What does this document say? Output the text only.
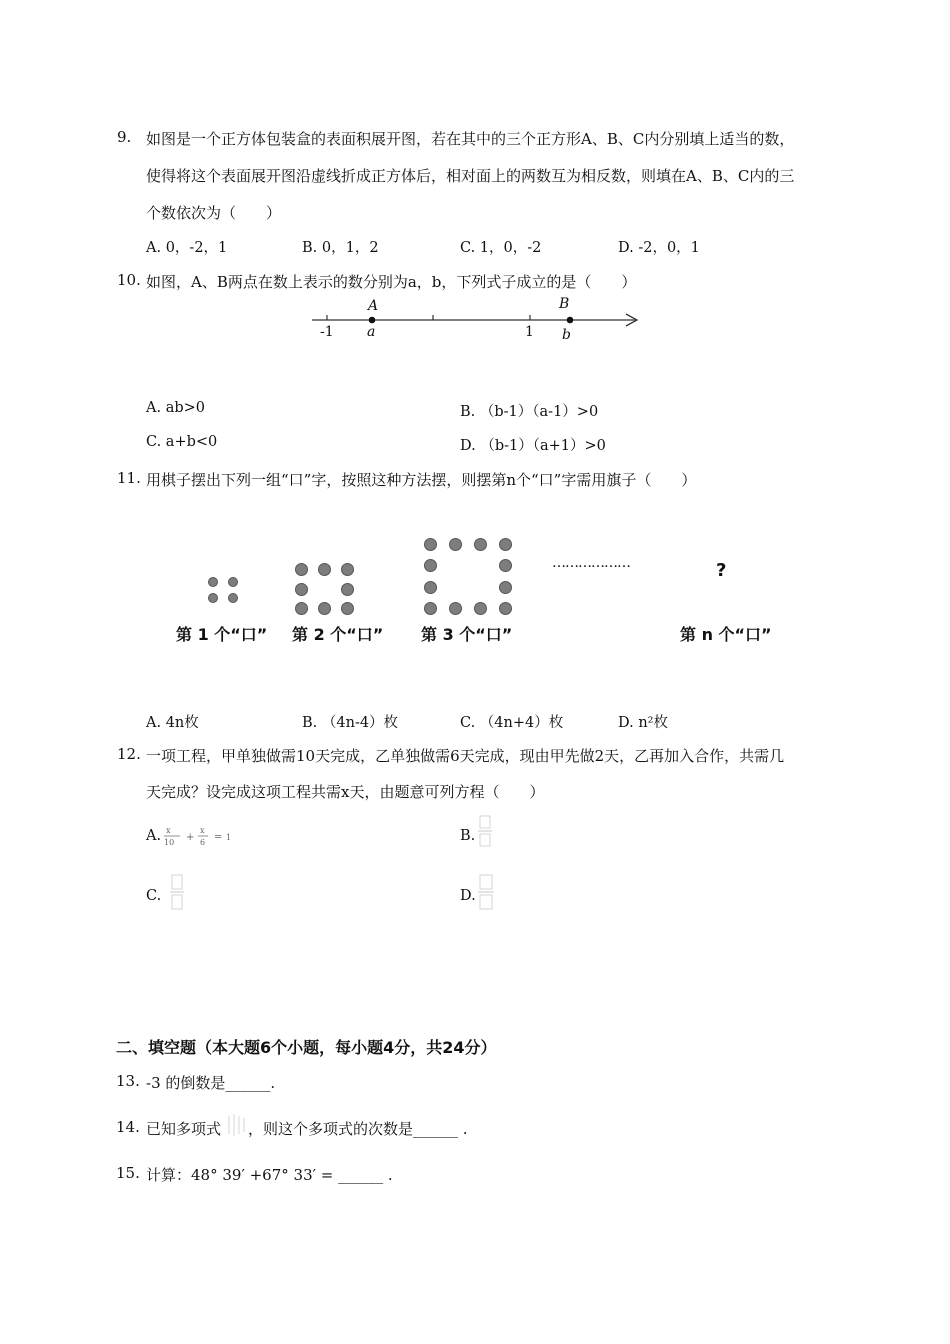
9. 如图是一个正方体包装盒的表面积展开图，若在其中的三个正方形A、B、C内分别填上适当的数，
使得将这个表面展开图沿虚线折成正方体后，相对面上的两数互为相反数，则填在A、B、C内的三
个数依次为（　　）
A. 0，-2，1	B. 0，1，2	C. 1，0，-2	D. -2，0，1
10. 如图，A、B两点在数上表示的数分别为a，b，下列式子成立的是（　　）
-1	1
A
a
B
b
A. ab>0	B. （b-1）（a-1）>0
C. a+b<0	D. （b-1）（a+1）>0
11. 用棋子摆出下列一组“口”字，按照这种方法摆，则摆第n个“口”字需用旗子（　　）
………………	?
第 1 个“口” 第 2 个“口” 第 3 个“口”	第 n 个“口”
A. 4n枚	B. （4n-4）枚	C. （4n+4）枚	D. n²枚
12. 一项工程，甲单独做需10天完成，乙单独做需6天完成，现由甲先做2天，乙再加入合作，共需几
天完成？设完成这项工程共需x天，由题意可列方程（　　）
A. x
10 +
x
6 = 1	B.
C.	D.
二、填空题（本大题6个小题，每小题4分，共24分）
13. -3 的倒数是______.
14. 已知多项式 ，则这个多项式的次数是______ .
15. 计算：48° 39′ +67° 33′ = ______ .
